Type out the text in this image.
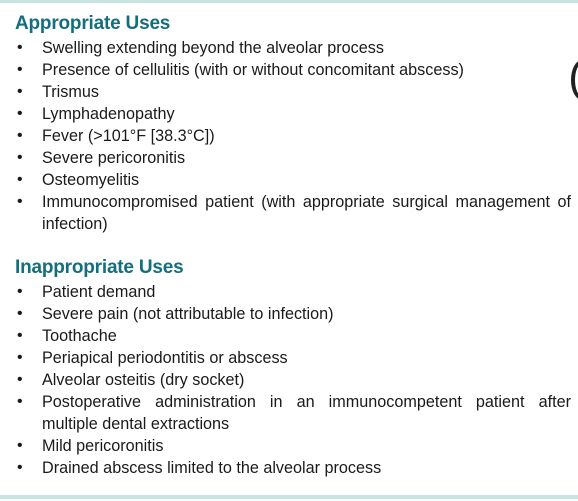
Appropriate Uses
• Swelling extending beyond the alveolar process
• Presence of cellulitis (with or without concomitant abscess)
• Trismus
• Lymphadenopathy
• Fever (>101°F [38.3°C])
• Severe pericoronitis
• Osteomyelitis
• Immunocompromised patient (with appropriate surgical management of infection)
Inappropriate Uses
• Patient demand
• Severe pain (not attributable to infection)
• Toothache
• Periapical periodontitis or abscess
• Alveolar osteitis (dry socket)
• Postoperative administration in an immunocompetent patient after multiple dental extractions
• Mild pericoronitis
• Drained abscess limited to the alveolar process
